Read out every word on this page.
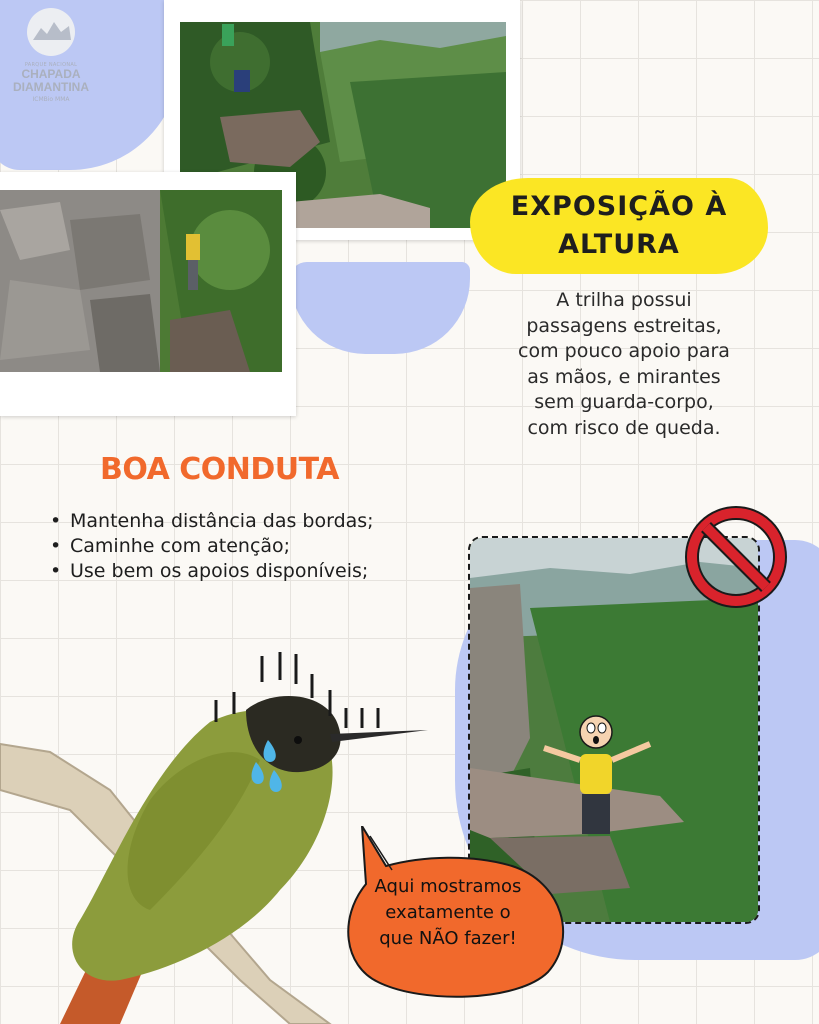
PARQUE NACIONAL
CHAPADA
DIAMANTINA
ICMBio MMA
EXPOSIÇÃO À
ALTURA
A trilha possui
passagens estreitas,
com pouco apoio para
as mãos, e mirantes
sem guarda-corpo,
com risco de queda.
BOA CONDUTA
• Mantenha distância das bordas;
• Caminhe com atenção;
• Use bem os apoios disponíveis;
Aqui mostramos
exatamente o
que NÃO fazer!
